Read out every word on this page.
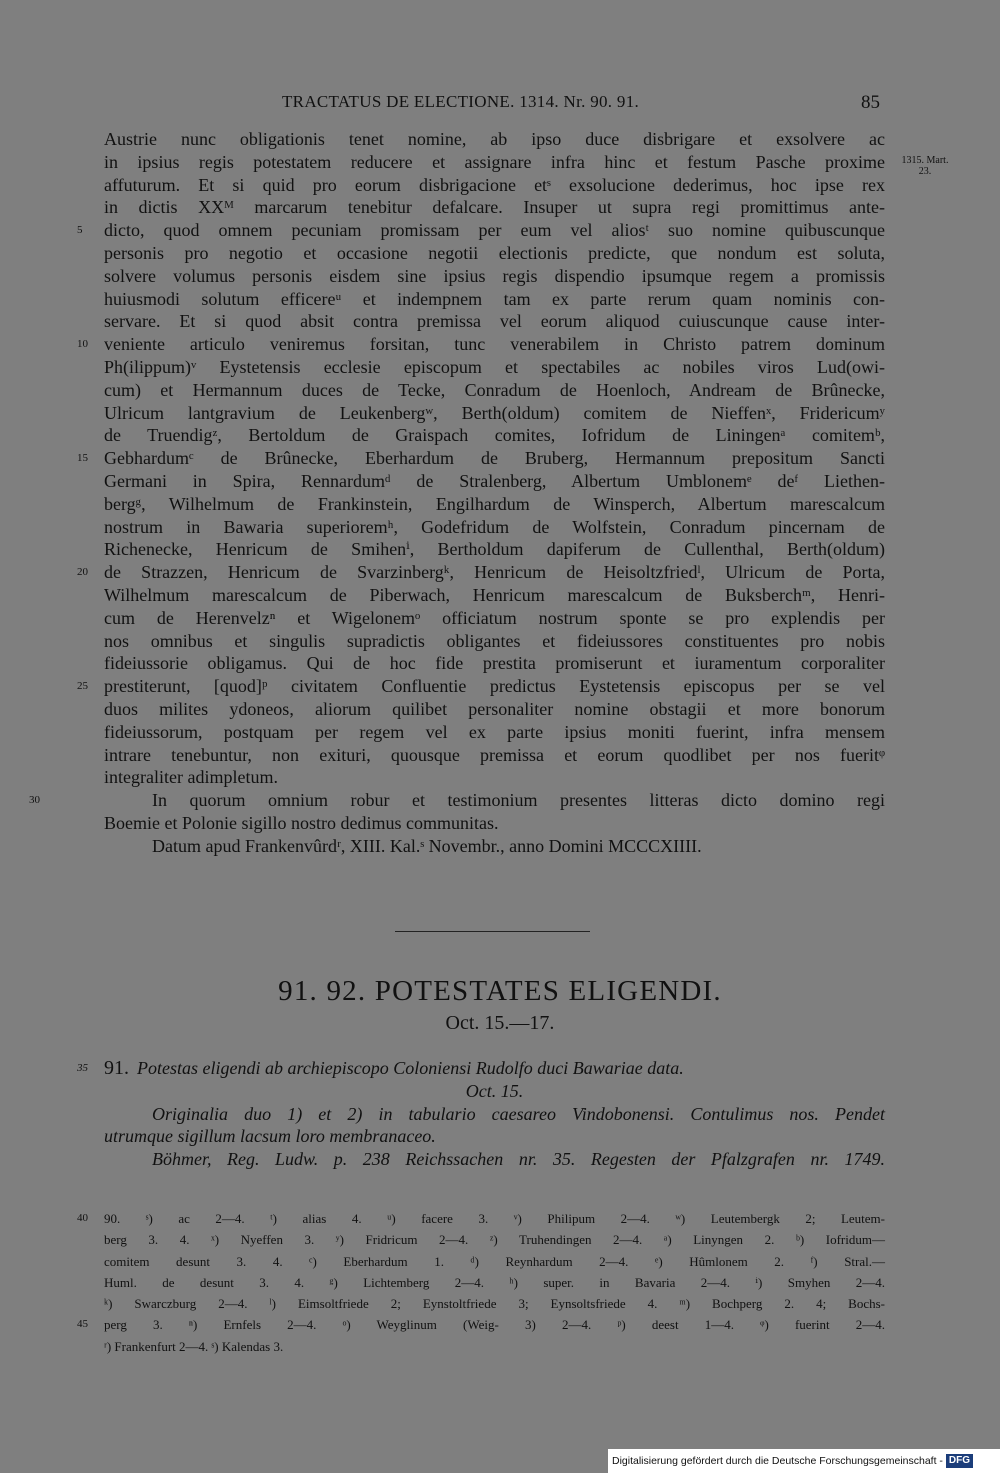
TRACTATUS DE ELECTIONE. 1314. Nr. 90. 91.	85
1315. Mart. 23.
Austrie nunc obligationis tenet nomine, ab ipso duce disbrigare et exsolvere ac
in ipsius regis potestatem reducere et assignare infra hinc et festum Pasche proxime
affuturum. Et si quid pro eorum disbrigacione etˢ exsolucione dederimus, hoc ipse rex
in dictis XXᴹ marcarum tenebitur defalcare. Insuper ut supra regi promittimus ante-
5	dicto, quod omnem pecuniam promissam per eum vel aliosᵗ suo nomine quibuscunque
personis pro negotio et occasione negotii electionis predicte, que nondum est soluta,
solvere volumus personis eisdem sine ipsius regis dispendio ipsumque regem a promissis
huiusmodi solutum efficereᵘ et indempnem tam ex parte rerum quam nominis con-
servare. Et si quod absit contra premissa vel eorum aliquod cuiuscunque cause inter-
10 veniente articulo veniremus forsitan, tunc venerabilem in Christo patrem dominum
Ph(ilippum)ᵛ Eystetensis ecclesie episcopum et spectabiles ac nobiles viros Lud(owi-
cum) et Hermannum duces de Tecke, Conradum de Hoenloch, Andream de Brûnecke,
Ulricum lantgravium de Leukenbergʷ, Berth(oldum) comitem de Nieffenˣ, Fridericumʸ
de Truendigᶻ, Bertoldum de Graispach comites, Iofridum de Liningenᵃ comitemᵇ,
15 Gebhardumᶜ de Brûnecke, Eberhardum de Bruberg, Hermannum prepositum Sancti
Germani in Spira, Rennardumᵈ de Stralenberg, Albertum Umblonemᵉ deᶠ Liethen-
bergᵍ, Wilhelmum de Frankinstein, Engilhardum de Winsperch, Albertum marescalcum
nostrum in Bawaria superioremʰ, Godefridum de Wolfstein, Conradum pincernam de
Richenecke, Henricum de Smihenⁱ, Bertholdum dapiferum de Cullenthal, Berth(oldum)
20 de Strazzen, Henricum de Svarzinbergᵏ, Henricum de Heisoltzfriedˡ, Ulricum de Porta,
Wilhelmum marescalcum de Piberwach, Henricum marescalcum de Buksberchᵐ, Henri-
cum de Herenvelzⁿ et Wigelonemᵒ officiatum nostrum sponte se pro explendis per
nos omnibus et singulis supradictis obligantes et fideiussores constituentes pro nobis
fideiussorie obligamus. Qui de hoc fide prestita promiserunt et iuramentum corporaliter
25 prestiterunt, [quod]ᵖ civitatem Confluentie predictus Eystetensis episcopus per se vel
duos milites ydoneos, aliorum quilibet personaliter nomine obstagii et more bonorum
fideiussorum, postquam per regem vel ex parte ipsius moniti fuerint, infra mensem
intrare tenebuntur, non exituri, quousque premissa et eorum quodlibet per nos fueritᵠ
integraliter adimpletum.
30	In quorum omnium robur et testimonium presentes litteras dicto domino regi
Boemie et Polonie sigillo nostro dedimus communitas.
Datum apud Frankenvûrdʳ, XIII. Kal.ˢ Novembr., anno Domini MCCCXIIII.
91. 92. POTESTATES ELIGENDI.
Oct. 15.—17.
35 91. Potestas eligendi ab archiepiscopo Coloniensi Rudolfo duci Bawariae data.
Oct. 15.
Originalia duo 1) et 2) in tabulario caesareo Vindobonensi. Contulimus nos. Pendet
utrumque sigillum lacsum loro membranaceo.
Böhmer, Reg. Ludw. p. 238 Reichssachen nr. 35. Regesten der Pfalzgrafen nr. 1749.
40	90. ˢ) ac 2—4. ᵗ) alias 4. ᵘ) facere 3. ᵛ) Philipum 2—4. ʷ) Leutembergk 2; Leutem-
berg 3. 4. ˣ) Nyeffen 3. ʸ) Fridricum 2—4. ᶻ) Truhendingen 2—4. ᵃ) Linyngen 2. ᵇ) Iofridum—
comitem desunt 3. 4. ᶜ) Eberhardum 1. ᵈ) Reynhardum 2—4. ᵉ) Hûmlonem 2. ᶠ) Stral.—
Huml. de desunt 3. 4. ᵍ) Lichtemberg 2—4. ʰ) super. in Bavaria 2—4. ⁱ) Smyhen 2—4.
ᵏ) Swarczburg 2—4. ˡ) Eimsoltfriede 2; Eynstoltfriede 3; Eynsoltsfriede 4. ᵐ) Bochperg 2. 4; Bochs-
45	perg 3. ⁿ) Ernfels 2—4. ᵒ) Weyglinum (Weig- 3) 2—4. ᵖ) deest 1—4. ᵠ) fuerint 2—4.
ʳ) Frankenfurt 2—4. ˢ) Kalendas 3.
Digitalisierung gefördert durch die Deutsche Forschungsgemeinschaft - DFG
